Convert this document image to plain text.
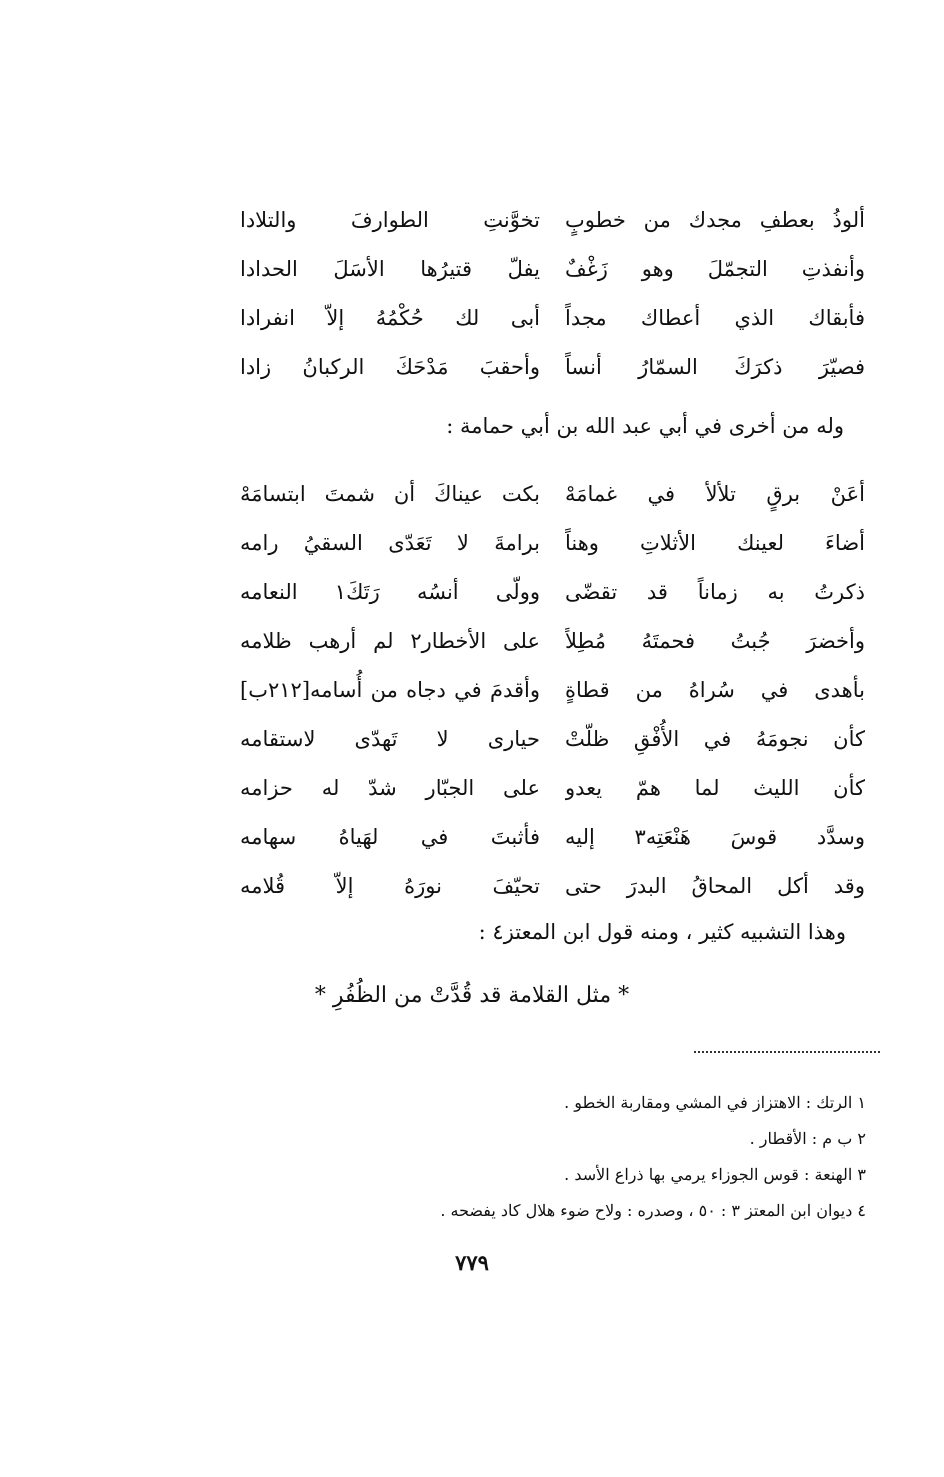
ألوذُ بعطفِ مجدك من خطوبٍ
تخوَّنتِ الطوارفَ والتلادا
وأنفذتِ التجمّلَ وهو زَغْفٌ
يفلّ قتيرُها الأسَلَ الحدادا
فأبقاك الذي أعطاك مجداً
أبى لك حُكْمُهُ إلاّ انفرادا
فصيّرَ ذكرَكَ السمّارُ أنساً
وأحقبَ مَدْحَكَ الركبانُ زادا
وله من أخرى في أبي عبد الله بن أبي حمامة :
أعَنْ برقٍ تلألأ في غمامَهْ
بكت عيناكَ أن شمتَ ابتسامَهْ
أضاءَ لعينك الأثلاتِ وهناً
برامةَ لا تَعَدّى السقيُ رامه
ذكرتُ به زماناً قد تقضّى
وولّى أنسُه رَتَكَ١ النعامه
وأخضرَ جُبتُ فحمتَهُ مُطِلاً
على الأخطار٢ لم أرهب ظلامه
بأهدى في سُراهُ من قطاةٍ
وأقدمَ في دجاه من أُسامه[٢١٢ب]
كأن نجومَهُ في الأُفْقِ ظلّتْ
حيارى لا تَهدّى لاستقامه
كأن الليث لما همّ يعدو
على الجبّار شدّ له حزامه
وسدَّد قوسَ هَنْعَتِه٣ إليه
فأثبتَ في لهَياهُ سهامه
وقد أكل المحاقُ البدرَ حتى
تحيّفَ نورَهُ إلاّ قُلامه
وهذا التشبيه كثير ، ومنه قول ابن المعتز٤ :
* مثل القلامة قد قُدَّتْ من الظُفُرِ *
١ الرتك : الاهتزاز في المشي ومقاربة الخطو .
٢ ب م : الأقطار .
٣ الهنعة : قوس الجوزاء يرمي بها ذراع الأسد .
٤ ديوان ابن المعتز ٣ : ٥٠ ، وصدره : ولاح ضوء هلال كاد يفضحه .
٧٧٩
